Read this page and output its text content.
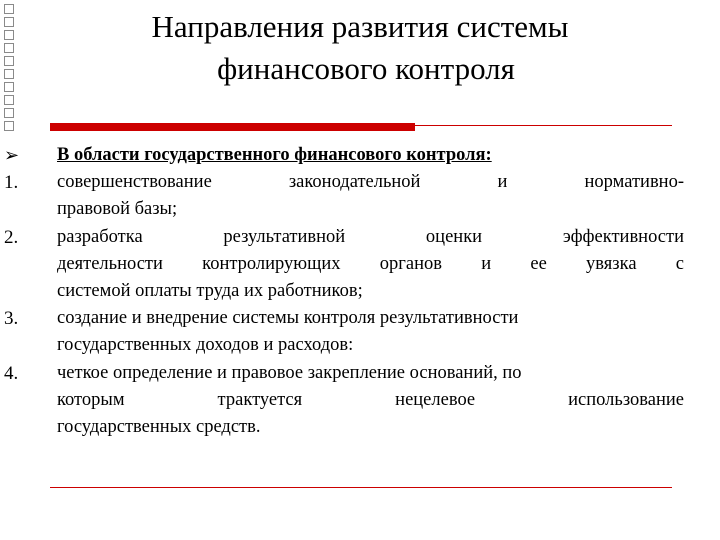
Направления развития системы
финансового контроля
➢	В области государственного финансового контроля:
1.	совершенствование законодательной и нормативно-
правовой базы;
2.	разработка результативной оценки эффективности
деятельности контролирующих органов и ее увязка с
системой оплаты труда их работников;
3.	создание и внедрение системы контроля результативности
государственных доходов и расходов:
4.	четкое определение и правовое закрепление оснований, по
которым трактуется нецелевое использование
государственных средств.
